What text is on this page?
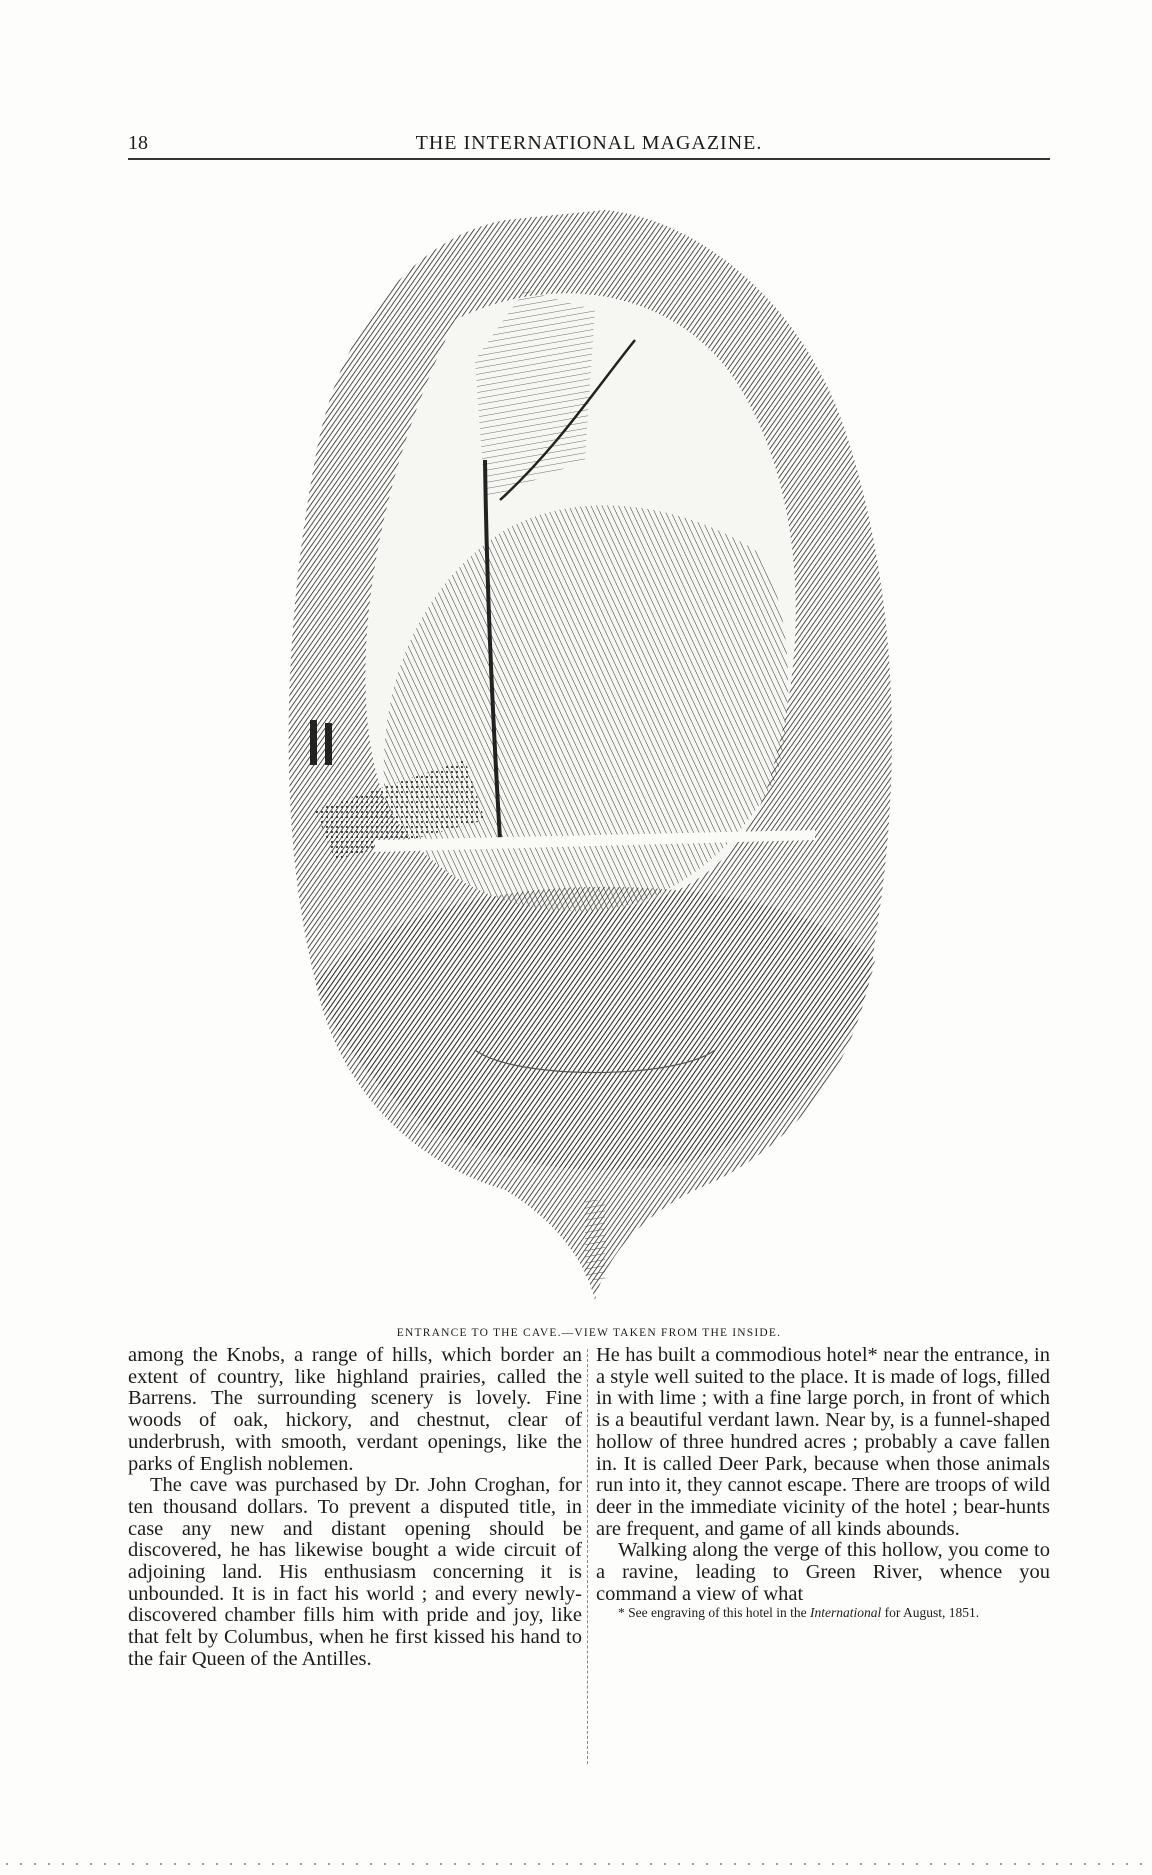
18	THE INTERNATIONAL MAGAZINE.
ENTRANCE TO THE CAVE.—VIEW TAKEN FROM THE INSIDE.

among the Knobs, a range of hills, which border an extent of country, like highland prairies, called the Barrens. The surrounding scenery is lovely. Fine woods of oak, hickory, and chestnut, clear of underbrush, with smooth, verdant openings, like the parks of English noblemen.

The cave was purchased by Dr. John Croghan, for ten thousand dollars. To prevent a disputed title, in case any new and distant opening should be discovered, he has likewise bought a wide circuit of adjoining land. His enthusiasm concerning it is unbounded. It is in fact his world ; and every newly-discovered chamber fills him with pride and joy, like that felt by Columbus, when he first kissed his hand to the fair Queen of the Antilles.

He has built a commodious hotel* near the entrance, in a style well suited to the place. It is made of logs, filled in with lime ; with a fine large porch, in front of which is a beautiful verdant lawn. Near by, is a funnel-shaped hollow of three hundred acres ; probably a cave fallen in. It is called Deer Park, because when those animals run into it, they cannot escape. There are troops of wild deer in the immediate vicinity of the hotel ; bear-hunts are frequent, and game of all kinds abounds.

Walking along the verge of this hollow, you come to a ravine, leading to Green River, whence you command a view of what

* See engraving of this hotel in the International for August, 1851.
